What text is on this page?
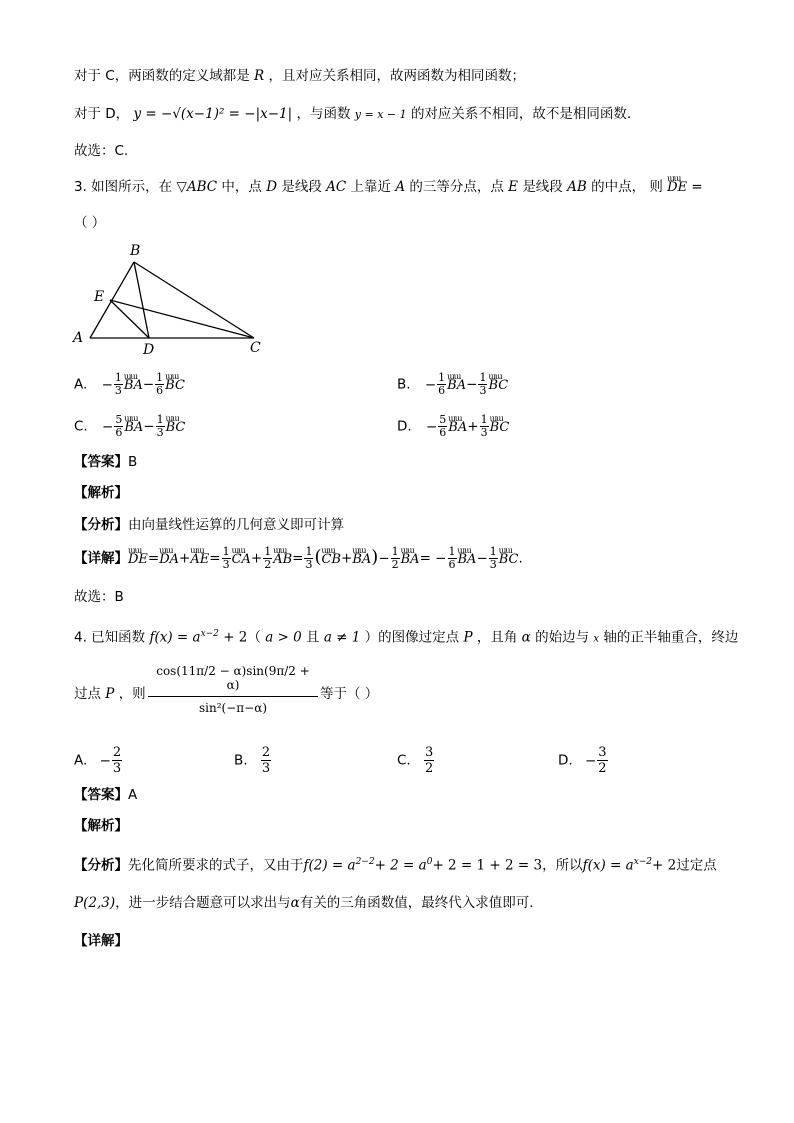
对于 C，两函数的定义域都是 R ，且对应关系相同，故两函数为相同函数；
对于 D， y = −√(x−1)² = −|x−1| ，与函数 y = x − 1 的对应关系不相同，故不是相同函数.
故选：C.
3. 如图所示，在 ▽ABC 中，点 D 是线段 AC 上靠近 A 的三等分点，点 E 是线段 AB 的中点， 则 ɯɯ DE =
（ ）
A
B
C
D
E
A. − $\frac{1}{3}$ ɯɯ $BA- \frac{1}{6}$ ɯɯ BC	B. − $\frac{1}{6}$ ɯɯ $BA- \frac{1}{3}$ ɯɯ BC
C. − $\frac{5}{6}$ ɯɯ $BA- \frac{1}{3}$ ɯɯ BC	D. − $\frac{5}{6}$ ɯɯ $BA+ \frac{1}{3}$ ɯɯ BC
【答案】B
【解析】
【分析】由向量线性运算的几何意义即可计算
【详解】ɯɯ DE=ɯɯ DA+ɯɯ $AE= \frac{1}{3}$ ɯɯ $CA+ \frac{1}{2}$ ɯɯ $AB= \frac{1}{3}$ (ɯɯ CB+ɯɯ $BA)- \frac{1}{2}$ ɯɯ $BA= - \frac{1}{6}$ ɯɯ $BA- \frac{1}{3}$ ɯɯ BC.
故选：B
4. 已知函数 $f(x) = a^{x-2} + 2$（ a > 0 且 a ≠ 1 ）的图像过定点 P ，且角 α 的始边与 x 轴的正半轴重合，终边
过点 P ，则 $\frac{\cos(11\pi/2 - \alpha)\sin(9\pi/2 + \alpha)}{\text{sin²(−π−α)}}$ 等于（ ）
A. − $\frac{2}{3}$	B. $\frac{2}{3}$	C. $\frac{3}{2}$	D. − $\frac{3}{2}$
【答案】A
【解析】
【分析】先化简所要求的式子，又由于$f(2) = a^{2-2}+ 2 = a^0+ 2 = 1 + 2 = 3$，所以$f(x) = a^{x-2}+ 2$过定点
P(2,3)，进一步结合题意可以求出与α有关的三角函数值，最终代入求值即可.
【详解】
